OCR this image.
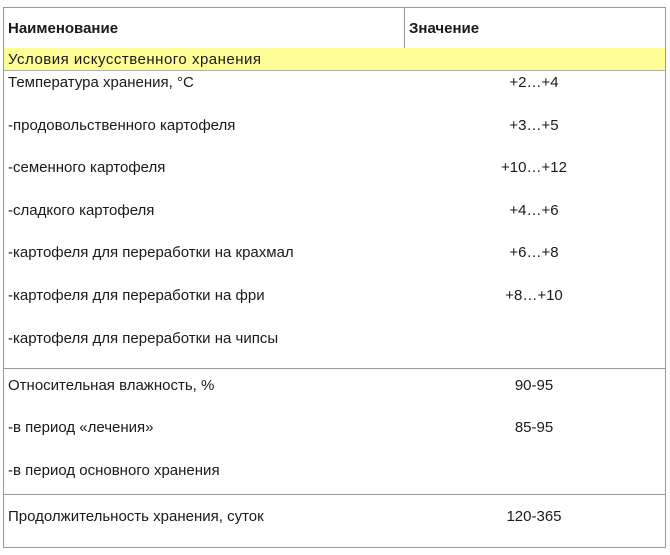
Наименование	Значение
Условия искусственного хранения
Температура хранения, °C	+2…+4
-продовольственного картофеля	+3…+5
-семенного картофеля	+10…+12
-сладкого картофеля	+4…+6
-картофеля для переработки на крахмал	+6…+8
-картофеля для переработки на фри	+8…+10
-картофеля для переработки на чипсы
Относительная влажность, %	90-95
-в период «лечения»	85-95
-в период основного хранения
Продолжительность хранения, суток	120-365
